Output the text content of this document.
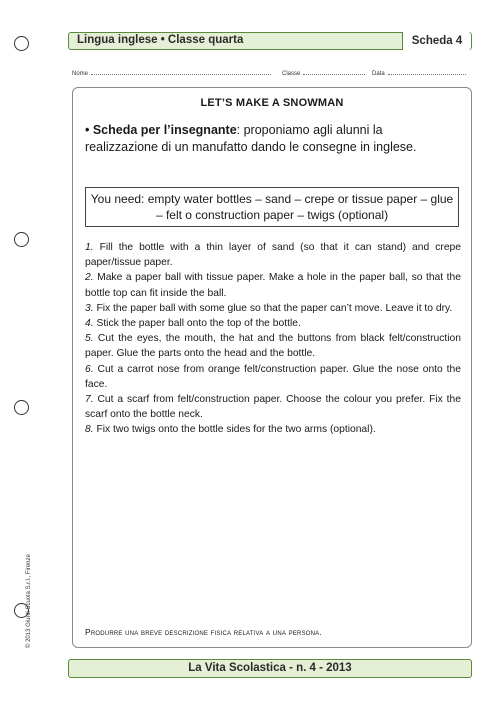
Lingua inglese • Classe quarta	Scheda 4
Nome	Classe	Data
LET’S MAKE A SNOWMAN
• Scheda per l’insegnante: proponiamo agli alunni la realizzazione di un manufatto dando le consegne in inglese.
You need: empty water bottles – sand – crepe or tissue paper – glue – felt o construction paper – twigs (optional)

1. Fill the bottle with a thin layer of sand (so that it can stand) and crepe paper/tissue paper.

2. Make a paper ball with tissue paper. Make a hole in the paper ball, so that the bottle top can fit inside the ball.

3. Fix the paper ball with some glue so that the paper can’t move. Leave it to dry.

4. Stick the paper ball onto the top of the bottle.

5. Cut the eyes, the mouth, the hat and the buttons from black felt/construction paper. Glue the parts onto the head and the bottle.

6. Cut a carrot nose from orange felt/construction paper. Glue the nose onto the face.

7. Cut a scarf from felt/construction paper. Choose the colour you prefer. Fix the scarf onto the bottle neck.

8. Fix two twigs onto the bottle sides for the two arms (optional).

Produrre una breve descrizione fisica relativa a una persona.
© 2013 Giunti Scuola S.r.l., Firenze
La Vita Scolastica - n. 4 - 2013
